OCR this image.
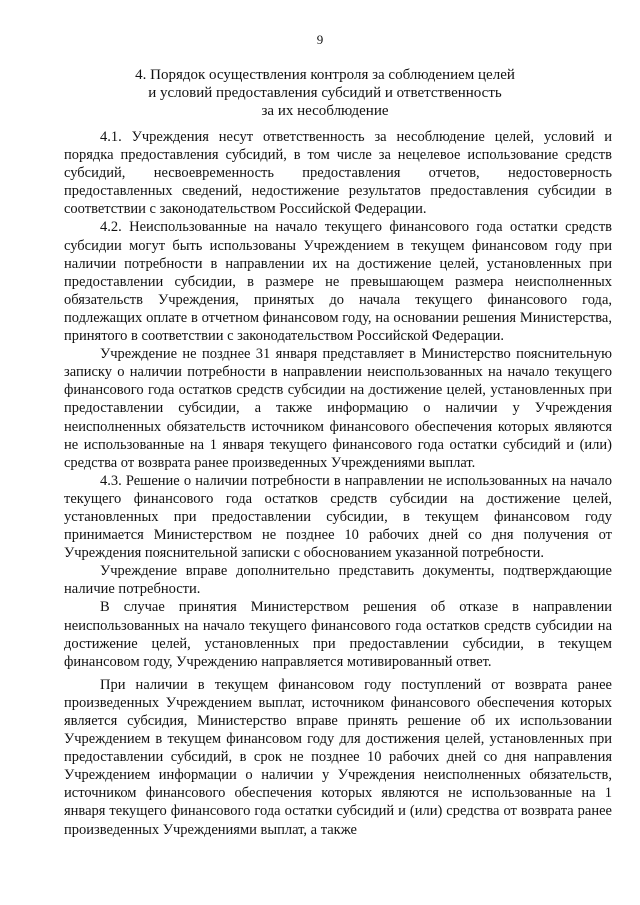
9
4. Порядок осуществления контроля за соблюдением целей
и условий предоставления субсидий и ответственность
за их несоблюдение

4.1. Учреждения несут ответственность за несоблюдение целей, условий и порядка предоставления субсидий, в том числе за нецелевое использование средств субсидий, несвоевременность предоставления отчетов, недостоверность предоставленных сведений, недостижение результатов предоставления субсидии в соответствии с законодательством Российской Федерации.

4.2. Неиспользованные на начало текущего финансового года остатки средств субсидии могут быть использованы Учреждением в текущем финансовом году при наличии потребности в направлении их на достижение целей, установленных при предоставлении субсидии, в размере не превышающем размера неисполненных обязательств Учреждения, принятых до начала текущего финансового года, подлежащих оплате в отчетном финансовом году, на основании решения Министерства, принятого в соответствии с законодательством Российской Федерации.

Учреждение не позднее 31 января представляет в Министерство пояснительную записку о наличии потребности в направлении неиспользованных на начало текущего финансового года остатков средств субсидии на достижение целей, установленных при предоставлении субсидии, а также информацию о наличии у Учреждения неисполненных обязательств источником финансового обеспечения которых являются не использованные на 1 января текущего финансового года остатки субсидий и (или) средства от возврата ранее произведенных Учреждениями выплат.

4.3. Решение о наличии потребности в направлении не использованных на начало текущего финансового года остатков средств субсидии на достижение целей, установленных при предоставлении субсидии, в текущем финансовом году принимается Министерством не позднее 10 рабочих дней со дня получения от Учреждения пояснительной записки с обоснованием указанной потребности.

Учреждение вправе дополнительно представить документы, подтверждающие наличие потребности.

В случае принятия Министерством решения об отказе в направлении неиспользованных на начало текущего финансового года остатков средств субсидии на достижение целей, установленных при предоставлении субсидии, в текущем финансовом году, Учреждению направляется мотивированный ответ.

При наличии в текущем финансовом году поступлений от возврата ранее произведенных Учреждением выплат, источником финансового обеспечения которых является субсидия, Министерство вправе принять решение об их использовании Учреждением в текущем финансовом году для достижения целей, установленных при предоставлении субсидий, в срок не позднее 10 рабочих дней со дня направления Учреждением информации о наличии у Учреждения неисполненных обязательств, источником финансового обеспечения которых являются не использованные на 1 января текущего финансового года остатки субсидий и (или) средства от возврата ранее произведенных Учреждениями выплат, а также
